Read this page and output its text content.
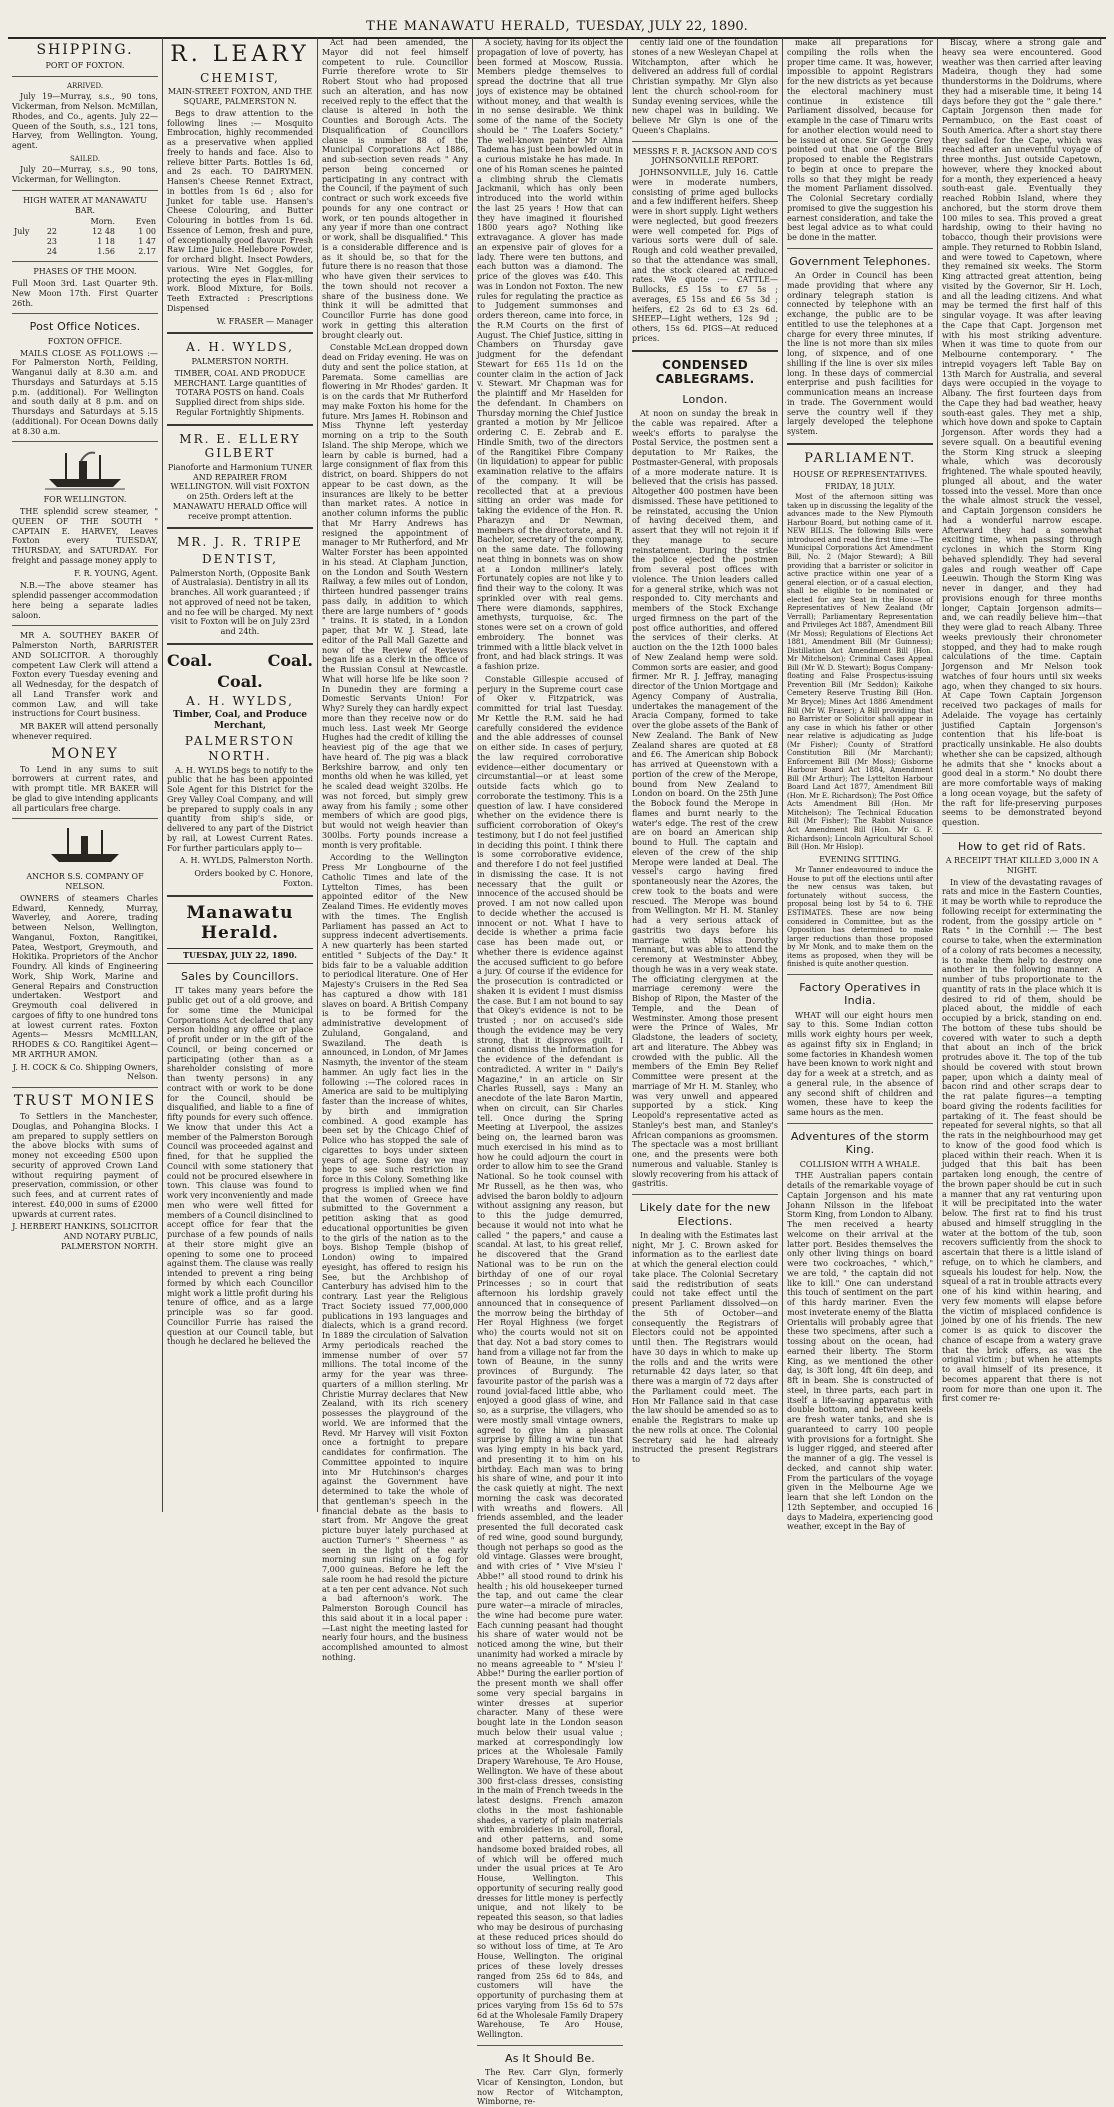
THE MANAWATU HERALD, TUESDAY, JULY 22, 1890.
SHIPPING.
PORT OF FOXTON.
ARRIVED.

July 19—Murray, s.s., 90 tons, Vickerman, from Nelson. McMillan, Rhodes, and Co., agents. July 22—Queen of the South, s.s., 121 tons, Harvey, from Wellington. Young, agent.

SAILED.

July 20—Murray, s.s., 90 tons, Vickerman, for Wellington.

HIGH WATER AT MANAWATU BAR.
		Morn.	Even
July	22	12 48	1 00
	23	1 18	1 47
	24	1.56	2.17
PHASES OF THE MOON.

Full Moon 3rd. Last Quarter 9th. New Moon 17th. First Quarter 26th.

Post Office Notices.
FOXTON OFFICE.

MAILS CLOSE AS FOLLOWS :— For Palmerston North, Feilding, Wanganui daily at 8.30 a.m. and Thursdays and Saturdays at 5.15 p.m. (additional). For Wellington and south daily at 8 p.m. and on Thursdays and Saturdays at 5.15 (additional). For Ocean Downs daily at 8.30 a.m.

FOR WELLINGTON.

THE splendid screw steamer, " QUEEN OF THE SOUTH " CAPTAIN E. HARVEY, Leaves Foxton every TUESDAY, THURSDAY, and SATURDAY. For freight and passage money apply to

F. R. YOUNG, Agent.

N.B.—The above steamer has splendid passenger accommodation here being a separate ladies saloon.

MR A. SOUTHEY BAKER Of Palmerston North, BARRISTER AND SOLICITOR. A thoroughly competent Law Clerk will attend a Foxton every Tuesday evening and all Wednesday, for the despatch of all Land Transfer work and common Law, and will take instructions for Court business.

MR BAKER will attend personally whenever required.

MONEY

To Lend in any sums to suit borrowers at current rates, and with prompt title. MR BAKER will be glad to give intending applicants all particulars free charge.

ANCHOR S.S. COMPANY OF NELSON.

OWNERS of steamers Charles Edward, Kennedy, Murray, Waverley, and Aorere, trading between Nelson, Wellington, Wanganui, Foxton, Rangitikei, Patea, Westport, Greymouth, and Hokitika. Proprietors of the Anchor Foundry. All kinds of Engineering Work, Ship Work, Marine and General Repairs and Construction undertaken. Westport and Greymouth coal delivered in cargoes of fifty to one hundred tons at lowest current rates. Foxton Agents— Messrs McMILLAN, RHODES & CO. Rangitikei Agent— MR ARTHUR AMON.

J. H. COCK & Co. Shipping Owners, Nelson.
TRUST MONIES

To Settlers in the Manchester, Douglas, and Pohangina Blocks. I am prepared to supply settlers on the above blocks with sums of money not exceeding £500 upon security of approved Crown Land without requiring payment of preservation, commission, or other such fees, and at current rates of interest. £40,000 in sums of £2000 upwards at current rates.

J. HERBERT HANKINS, SOLICITOR AND NOTARY PUBLIC, PALMERSTON NORTH.
R. LEARY
CHEMIST,
MAIN-STREET FOXTON, AND THE SQUARE, PALMERSTON N.

Begs to draw attention to the following lines :— Mosquito Embrocation, highly recommended as a preservative when applied freely to hands and face. Also to relieve bitter Parts. Bottles 1s 6d, and 2s each. TO DAIRYMEN. Hansen's Cheese Rennet Extract, in bottles from 1s 6d ; also for Junket for table use. Hansen's Cheese Colouring, and Butter Colouring in bottles from 1s 6d. Essence of Lemon, fresh and pure, of exceptionally good flavour. Fresh Raw Lime Juice. Hellebore Powder, for orchard blight. Insect Powders, various. Wire Net Goggles, for protecting the eyes in Flax-milling work. Blood Mixture, for Boils. Teeth Extracted : Prescriptions Dispensed

W. FRASER — Manager
A. H. WYLDS,
PALMERSTON NORTH.

TIMBER, COAL AND PRODUCE MERCHANT. Large quantities of TOTARA POSTS on hand. Coals Supplied direct from ships side. Regular Fortnightly Shipments.

MR. E. ELLERY GILBERT

Pianoforte and Harmonium TUNER AND REPAIRER FROM WELLINGTON. Will visit FOXTON on 25th. Orders left at the MANAWATU HERALD Office will receive prompt attention.

MR. J. R. TRIPE
DENTIST,

Palmerston North, (Opposite Bank of Australasia). Dentistry in all its branches. All work guaranteed ; if not approved of need not be taken, and no fee will be charged. My next visit to Foxton will be on July 23rd and 24th.

Coal.	Coal.
Coal.
A. H. WYLDS,
Timber, Coal, and Produce Merchant,
PALMERSTON NORTH.

A. H. WYLDS begs to notify to the public that he has been appointed Sole Agent for this District for the Grey Valley Coal Company, and will be prepared to supply coals in any quantity from ship's side, or delivered to any part of the District by rail, at Lowest Current Rates. For further particulars apply to—

A. H. WYLDS, Palmerston North.
Orders booked by C. Honore, Foxton.
Manawatu Herald.
TUESDAY, JULY 22, 1890.
Sales by Councillors.

IT takes many years before the public get out of a old groove, and for some time the Municipal Corporations Act declared that any person holding any office or place of profit under or in the gift of the Council, or being concerned or participating (other than as a shareholder consisting of more than twenty persons) in any contract with or work to be done for the Council, should be disqualified, and liable to a fine of fifty pounds for every such offence. We know that under this Act a member of the Palmerston Borough Council was proceeded against and fined, for that he supplied the Council with some stationery that could not be procured elsewhere in town. This clause was found to work very inconveniently and made men who were well fitted for members of a Council disinclined to accept office for fear that the purchase of a few pounds of nails at their store might give an opening to some one to proceed against them. The clause was really intended to prevent a ring being formed by which each Councillor might work a little profit during his tenure of office, and as a large principle was so far good. Councillor Furrie has raised the question at our Council table, but though he declared he believed the

Act had been amended, the Mayor did not feel himself competent to rule. Councillor Furrie therefore wrote to Sir Robert Stout who had proposed such an alteration, and has now received reply to the effect that the clause is altered in both the Counties and Borough Acts. The Disqualification of Councillors clause is number 88 of the Municipal Corporations Act 1886, and sub-section seven reads " Any person being concerned or participating in any contract with the Council, if the payment of such contract or such work exceeds five pounds for any one contract or work, or ten pounds altogether in any year if more than one contract or work, shall be disqualified." This is a considerable difference and is as it should be, so that for the future there is no reason that those who have given their services to the town should not recover a share of the business done. We think it will be admitted that Councillor Furrie has done good work in getting this alteration brought clearly out.

Constable McLean dropped down dead on Friday evening. He was on duty and sent the police station, at Paremata. Some camellias are flowering in Mr Rhodes' garden. It is on the cards that Mr Rutherford may make Foxton his home for the future. Mrs James H. Robinson and Miss Thynne left yesterday morning on a trip to the South Island. The ship Merope, which we learn by cable is burned, had a large consignment of flax from this district, on board. Shippers do not appear to be cast down, as the insurances are likely to be better than market rates. A notice in another column informs the public that Mr Harry Andrews has resigned the appointment of manager to Mr Rutherford, and Mr Walter Forster has been appointed in his stead. At Clapham Junction, on the London and South Western Railway, a few miles out of London, thirteen hundred passenger trains pass daily, in addition to which there are large numbers of " goods " trains. It is stated, in a London paper, that Mr W. J. Stead, late editor of the Pall Mall Gazette and now of the Review of Reviews began life as a clerk in the office of the Russian Consul at Newcastle. What will horse life be like soon ? In Dunedin they are forming a Domestic Servants Union! For Why? Surely they can hardly expect more than they receive now or do much less. Last week Mr George Hughes had the credit of killing the heaviest pig of the age that we have heard of. The pig was a black Berkshire barrow, and only ten months old when he was killed, yet he scaled dead weight 320lbs. He was not forced, but simply grew away from his family ; some other members of which are good pigs, but would not weigh heavier than 300lbs. Forty pounds increase a month is very profitable.

According to the Wellington Press Mr Longbourne of the Catholic Times and late of the Lyttelton Times, has been appointed editor of the New Zealand Times. He evidently moves with the times. The English Parliament has passed an Act to suppress indecent advertisements. A new quarterly has been started entitled " Subjects of the Day." It bids fair to be a valuable addition to periodical literature. One of Her Majesty's Cruisers in the Red Sea has captured a dhow with 181 slaves on board. A British Company is to be formed for the administrative development of Zululand, Gongaland, and Swaziland. The death is announced, in London, of Mr James Nasmyth, the inventor of the steam hammer. An ugly fact lies in the following :—The colored races in America are said to be multiplying faster than the increase of whites, by birth and immigration combined. A good example has been set by the Chicago Chief of Police who has stopped the sale of cigarettes to boys under sixteen years of age. Some day we may hope to see such restriction in force in this Colony. Something like progress is implied when we find that the women of Greece have submitted to the Government a petition asking that as good educational opportunities be given to the girls of the nation as to the boys. Bishop Temple (bishop of London) owing to impaired eyesight, has offered to resign his See, but the Archbishop of Canterbury has advised him to the contrary. Last year the Religious Tract Society issued 77,000,000 publications in 193 languages and dialects, which is a grand record. In 1889 the circulation of Salvation Army periodicals reached the immense number of over 57 millions. The total income of the army for the year was three-quarters of a million sterling. Mr Christie Murray declares that New Zealand, with its rich scenery possesses the playground of the world. We are informed that the Revd. Mr Harvey will visit Foxton once a fortnight to prepare candidates for confirmation. The Committee appointed to inquire into Mr Hutchinson's charges against the Government have determined to take the whole of that gentleman's speech in the financial debate as the basis to start from. Mr Angove the great picture buyer lately purchased at auction Turner's " Sheerness " as seen in the light of the early morning sun rising on a fog for 7,000 guineas. Before he left the sale room he had resold the picture at a ten per cent advance. Not such a bad afternoon's work. The Palmerston Borough Council has this said about it in a local paper :—Last night the meeting lasted for nearly four hours, and the business accomplished amounted to almost nothing.

A society, having for its object the propagation of love of poverty, has been formed at Moscow, Russia. Members pledge themselves to spread the doctrine that all true joys of existence may be obtained without money, and that wealth is in no sense desirable. We think some of the name of the Society should be " The Loafers Society." The well-known painter Mr Alma Tadema has just been bowled out in a curious mistake he has made. In one of his Roman scenes he painted a climbing shrub the Clematis Jackmanii, which has only been introduced into the world within the last 25 years ! How that can they have imagined it flourished 1800 years ago? Nothing like extravagance. A glover has made an expensive pair of gloves for a lady. There were ten buttons, and each button was a diamond. The price of the gloves was £40. This was in London not Foxton. The new rules for regulating the practice as to Judgement summonses and orders thereon, came into force, in the R.M Courts on the first of August. The Chief Justice, sitting in Chambers on Thursday gave judgment for the defendant Stewart for £65 11s 1d on the counter claim in the action of Jack v. Stewart. Mr Chapman was for the plaintiff and Mr Haselden for the defendant. In Chambers on Thursday morning the Chief Justice granted a motion by Mr Jellicoe ordering C. E. Zebrab and E. Hindle Smith, two of the directors of the Rangitikei Fibre Company (in liquidation) to appear for public examination relative to the affairs of the company. It will be recollected that at a previous sitting an order was made for taking the evidence of the Hon. R. Pharazyn and Dr Newman, members of the directorate, and R. Bachelor, secretary of the company, on the same date. The following neat thing in bonnets was on show at a London milliner's lately. Fortunately copies are not like y to find their way to the colony. It was sprinkled over with real gems. There were diamonds, sapphires, amethysts, turquoise, &c. The stones were set on a crown of gold embroidery. The bonnet was trimmed with a little black velvet in front, and had black strings. It was a fashion prize.

Constable Gillespie accused of perjury in the Supreme court case of Oker v. Fitzpatrick, was committed for trial last Tuesday. Mr Kettle the R.M. said he had carefully considered the evidence and the able addresses of counsel on either side. In cases of perjury, the law required corroborative evidence—either documentary or circumstantial—or at least some outside facts which go to corroborate the testimony. This is a question of law. I have considered whether on the evidence there is sufficient corroboration of Okey's testimony, but I do not feel justified in deciding this point. I think there is some corroborative evidence, and therefore I do not feel justified in dismissing the case. It is not necessary that the guilt or innocence of the accused should be proved. I am not now called upon to decide whether the accused is innocent or not. What I have to decide is whether a prima facie case has been made out, or whether there is evidence against the accused sufficient to go before a jury. Of course if the evidence for the prosecution is contradicted or shaken it is evident I must dismiss the case. But I am not bound to say that Okey's evidence is not to be trusted ; nor on accused's side though the evidence may be very strong, that it disproves guilt. I cannot dismiss the information for the evidence of the defendant is contradicted. A writer in " Daily's Magazine," in an article on Sir Charles Russell, says : Many an anecdote of the late Baron Martin, when on circuit, can Sir Charles tell. Once during the Spring Meeting at Liverpool, the assizes being on, the learned baron was much exercised in his mind as to how he could adjourn the court in order to allow him to see the Grand National. So he took counsel with Mr Russell, as he then was, who advised the baron boldly to adjourn without assigning any reason, but to this the judge demurred, because it would not into what he called " the papers," and cause a scandal. At last, to his great relief, he discovered that the Grand National was to be run on the birthday of one of our royal Princesses ; so in court that afternoon his lordship gravely announced that in consequence of the morrow being the birthday of Her Royal Highness (we forget who) the courts would not sit on that day. Not a bad story comes to hand from a village not far from the town of Beaune, in the sunny provinces of Burgundy. The favourite pastor of the parish was a round jovial-faced little abbe, who enjoyed a good glass of wine, and so, as a surprise, the villagers, who were mostly small vintage owners, agreed to give him a pleasant surprise by filling a wine tun that was lying empty in his back yard, and presenting it to him on his birthday. Each man was to bring his share of wine, and pour it into the cask quietly at night. The next morning the cask was decorated with wreaths and flowers. All friends assembled, and the leader presented the full decorated cask of red wine, good sound burgundy, though not perhaps so good as the old vintage. Glasses were brought, and with cries of " Vive M'sieu l' Abbe!" all stood round to drink his health ; his old housekeeper turned the tap, and out came the clear pure water—a miracle of miracles, the wine had become pure water. Each cunning peasant had thought his share of water would not be noticed among the wine, but their unanimity had worked a miracle by no means agreeable to " M'sieu l' Abbe!" During the earlier portion of the present month we shall offer some very special bargains in winter dresses at superior character. Many of these were bought late in the London season much below their usual value ; marked at correspondingly low prices at the Wholesale Family Drapery Warehouse, Te Aro House, Wellington. We have of these about 300 first-class dresses, consisting in the main of French tweeds in the latest designs. French amazon cloths in the most fashionable shades, a variety of plain materials with embroideries in scroll, floral, and other patterns, and some handsome boxed braided robes, all of which will be offered much under the usual prices at Te Aro House, Wellington. This opportunity of securing really good dresses for little money is perfectly unique, and not likely to be repeated this season, so that ladies who may be desirous of purchasing at these reduced prices should do so without loss of time, at Te Aro House, Wellington. The original prices of these lovely dresses ranged from 25s 6d to 84s, and customers will have the opportunity of purchasing them at prices varying from 15s 6d to 57s 6d at the Wholesale Family Drapery Warehouse, Te Aro House, Wellington.

As It Should Be.

The Rev. Carr Glyn, formerly Vicar of Kensington, London, but now Rector of Witchampton, Wimborne, re-

cently laid one of the foundation stones of a new Wesleyan Chapel at Witchampton, after which he delivered an address full of cordial Christian sympathy. Mr Glyn also lent the church school-room for Sunday evening services, while the new chapel was in building. We believe Mr Glyn is one of the Queen's Chaplains.

MESSRS F. R. JACKSON AND CO'S JOHNSONVILLE REPORT.

JOHNSONVILLE, July 16. Cattle were in moderate numbers, consisting of prime aged bullocks and a few indifferent heifers. Sheep were in short supply. Light wethers were neglected, but good freezers were well competed for. Pigs of various sorts were dull of sale. Rough and cold weather prevailed, so that the attendance was small, and the stock cleared at reduced rates. We quote :— CATTLE—Bullocks, £5 15s to £7 5s ; averages, £5 15s and £6 5s 3d ; heifers, £2 2s 6d to £3 2s 6d. SHEEP—Light wethers, 12s 9d ; others, 15s 6d. PIGS—At reduced prices.

CONDENSED CABLEGRAMS.
London.

At noon on sunday the break in the cable was repaired. After a week's efforts to paralyse the Postal Service, the postmen sent a deputation to Mr Raikes, the Postmaster-General, with proposals of a more moderate nature. It is believed that the crisis has passed. Altogether 400 postmen have been dismissed. These have petitioned to be reinstated, accusing the Union of having deceived them, and assert that they will not rejoin it if they manage to secure reinstatement. During the strike the police ejected the postmen from several post offices with violence. The Union leaders called for a general strike, which was not responded to. City merchants and members of the Stock Exchange urged firmness on the part of the post office authorities, and offered the services of their clerks. At auction on the the 12th 1000 bales of New Zealand hemp were sold. Common sorts are easier, and good firmer. Mr R. J. Jeffray, managing director of the Union Mortgage and Agency Company of Australia, undertakes the management of the Aracia Company, formed to take over the globe assets of the Bank of New Zealand. The Bank of New Zealand shares are quoted at £8 and £6. The American ship Bobock has arrived at Queenstown with a portion of the crew of the Merope, bound from New Zealand to London on board. On the 25th June the Bobock found the Merope in flames and burnt nearly to the water's edge. The rest of the crew are on board an American ship bound to Hull. The captain and eleven of the crew of the ship Merope were landed at Deal. The vessel's cargo having fired spontaneously near the Azores, the crew took to the boats and were rescued. The Merope was bound from Wellington. Mr H. M. Stanley had a very serious attack of gastritis two days before his marriage with Miss Dorothy Tennant, but was able to attend the ceremony at Westminster Abbey, though he was in a very weak state. The officiating clergymen at the marriage ceremony were the Bishop of Ripon, the Master of the Temple, and the Dean of Westminster. Among those present were the Prince of Wales, Mr Gladstone, the leaders of society, art and literature. The Abbey was crowded with the public. All the members of the Emin Bey Relief Committee were present at the marriage of Mr H. M. Stanley, who was very unwell and appeared supported by a stick. King Leopold's representative acted as Stanley's best man, and Stanley's African companions as groomsmen. The spectacle was a most brilliant one, and the presents were both numerous and valuable. Stanley is slowly recovering from his attack of gastritis.

Likely date for the new Elections.

In dealing with the Estimates last night, Mr J. C. Brown asked for information as to the earliest date at which the general election could take place. The Colonial Secretary said the redistribution of seats could not take effect until the present Parliament dissolved—on the 5th of October—and consequently the Registrars of Electors could not be appointed until then. The Registrars would have 30 days in which to make up the rolls and and the writs were returnable 42 days later, so that there was a margin of 72 days after the Parliament could meet. The Hon Mr Fallance said in that case the law should be amended so as to enable the Registrars to make up the new rolls at once. The Colonial Secretary said he had already instructed the present Registrars to

make all preparations for compiling the rolls when the proper time came. It was, however, impossible to appoint Registrars for the new districts as yet because the electoral machinery must continue in existence till Parliament dissolved, because for example in the case of Timaru writs for another election would need to be issued at once. Sir George Grey pointed out that one of the Bills proposed to enable the Registrars to begin at once to prepare the rolls so that they might be ready the moment Parliament dissolved. The Colonial Secretary cordially promised to give the suggestion his earnest consideration, and take the best legal advice as to what could be done in the matter.

Government Telephones.

An Order in Council has been made providing that where any ordinary telegraph station is connected by telephone with an exchange, the public are to be entitled to use the telephones at a charge for every three minutes, if the line is not more than six miles long, of sixpence, and of one shilling if the line is over six miles long. In these days of commercial enterprise and push facilities for communication means an increase in trade. The Government would serve the country well if they largely developed the telephone system.

PARLIAMENT.
HOUSE OF REPRESENTATIVES.
FRIDAY, 18 JULY.

Most of the afternoon sitting was taken up in discussing the legality of the advances made to the New Plymouth Harbour Board, but nothing came of it. NEW BILLS. The following Bills were introduced and read the first time :—The Municipal Corporations Act Amendment Bill, No. 2 (Major Steward); A Bill providing that a barrister or solicitor in active practice within one year of a general election, or of a casual election, shall be eligible to be nominated or elected for any Seat in the House of Representatives of New Zealand (Mr Verrall); Parliamentary Representation and Privileges Act 1887, Amendment Bill (Mr Moss); Regulations of Elections Act 1881, Amendment Bill (Mr Guinness); Distillation Act Amendment Bill (Hon. Mr Mitchelson); Criminal Cases Appeal Bill (Mr W. D. Stewart); Bogus Company-floating and False Prospectus-issuing Prevention Bill (Mr Seddon); Kaikohe Cemetery Reserve Trusting Bill (Hon. Mr Bryce); Mines Act 1886 Amendment Bill (Mr W. Fraser); A Bill providing that no Barrister or Solicitor shall appear in any case in which his father or other near relative is adjudicating as Judge (Mr Fisher); County of Stratford Constitution Bill (Mr Marchant); Enforcement Bill (Mr Moss); Gisborne Harbour Board Act 1884, Amendment Bill (Mr Arthur); The Lyttelton Harbour Board Land Act 1877, Amendment Bill (Hon. Mr E. Richardson); The Post Office Acts Amendment Bill (Hon. Mr Mitchelson); The Technical Education Bill (Mr Fisher); The Rabbit Nuisance Act Amendment Bill (Hon. Mr G. F. Richardson); Lincoln Agricultural School Bill (Hon. Mr Hislop).

EVENING SITTING.

Mr Tanner endeavoured to induce the House to put off the elections until after the new census was taken, but fortunately without success, the proposal being lost by 54 to 6. THE ESTIMATES. These are now being considered in Committee, but as the Opposition has determined to make larger reductions than those proposed by Mr Monk, and to make them on the items as proposed, when they will be finished is quite another question.

Factory Operatives in India.

WHAT will our eight hours men say to this. Some Indian cotton mills work eighty hours per week, as against fifty six in England; in some factories in Khandesh women have been known to work night and day for a week at a stretch, and as a general rule, in the absence of any second shift of children and women, these have to keep the same hours as the men.

Adventures of the storm King.
COLLISION WITH A WHALE.

THE Australian papers contain details of the remarkable voyage of Captain Jorgenson and his mate Johann Nilsson in the lifeboat Storm King, from London to Albany. The men received a hearty welcome on their arrival at the latter port. Besides themselves the only other living things on board were two cockroaches, " which," we are told, " the captain did not like to kill." One can understand this touch of sentiment on the part of this hardy mariner. Even the most inveterate enemy of the Blatta Orientalis will probably agree that these two specimens, after such a tossing about on the ocean, had earned their liberty. The Storm King, as we mentioned the other day, is 30ft long, 4ft 6in deep, and 8ft in beam. She is constructed of steel, in three parts, each part in itself a life-saving apparatus with double bottom, and between keels are fresh water tanks, and she is guaranteed to carry 100 people with provisions for a fortnight. She is lugger rigged, and steered after the manner of a gig. The vessel is decked, and cannot ship water. From the particulars of the voyage given in the Melbourne Age we learn that she left London on the 12th September, and occupied 16 days to Madeira, experiencing good weather, except in the Bay of

Biscay, where a strong gale and heavy sea were encountered. Good weather was then carried after leaving Madeira, though they had some thunderstorms in the Doldrums, where they had a miserable time, it being 14 days before they got the " gale there." Captain Jorgenson then made for Pernambuco, on the East coast of South America. After a short stay there they sailed for the Cape, which was reached after an uneventful voyage of three months. Just outside Capetown, however, where they knocked about for a month, they experienced a heavy south-east gale. Eventually they reached Robbin Island, where they anchored, but the storm drove them 100 miles to sea. This proved a great hardship, owing to their having no tobacco, though their provisions were ample. They returned to Robbin Island, and were towed to Capetown, where they remained six weeks. The Storm King attracted great attention, being visited by the Governor, Sir H. Loch, and all the leading citizens. And what may be termed the first half of this singular voyage. It was after leaving the Cape that Capt. Jorgenson met with his most striking adventure. When it was time to quote from our Melbourne contemporary. " The intrepid voyagers left Table Bay on 13th March for Australia, and several days were occupied in the voyage to Albany. The first fourteen days from the Cape they had bad weather, heavy south-east gales. They met a ship, which hove down and spoke to Captain Jorgenson. After words they had a severe squall. On a beautiful evening the Storm King struck a sleeping whale, which was decorously frightened. The whale spouted heavily, plunged all about, and the water tossed into the vessel. More than once the whale almost struck the vessel, and Captain Jorgenson considers he had a wonderful narrow escape. Afterward they had a somewhat exciting time, when passing through cyclones in which the Storm King behaved splendidly. They had several gales and rough weather off Cape Leeuwin. Though the Storm King was never in danger, and they had provisions enough for three months longer, Captain Jorgenson admits—and, we can readily believe him—that they were glad to reach Albany. Three weeks previously their chronometer stopped, and they had to make rough calculations of the time. Captain Jorgenson and Mr Nelson took watches of four hours until six weeks ago, when they changed to six hours. At Cape Town Captain Jorgenson received two packages of mails for Adelaide. The voyage has certainly justified Captain Jorgenson's contention that his life-boat is practically unsinkable. He also doubts whether she can be capsized, although he admits that she " knocks about a good deal in a storm." No doubt there are more comfortable ways of making a long ocean voyage, but the safety of the raft for life-preserving purposes seems to be demonstrated beyond question.

How to get rid of Rats.
A RECEIPT THAT KILLED 3,000 IN A NIGHT.

In view of the devastating ravages of rats and mice in the Eastern Counties, it may be worth while to reproduce the following receipt for exterminating the rodent, from the gossipy article on " Rats " in the Cornhill :— The best course to take, when the extermination of a colony of rats becomes a necessity, is to make them help to destroy one another in the following manner. A number of tubs proportionate to the quantity of rats in the place which it is desired to rid of them, should be placed about, the middle of each occupied by a brick, standing on end. The bottom of these tubs should be covered with water to such a depth that about an inch of the brick protrudes above it. The top of the tub should be covered with stout brown paper, upon which a dainty meal of bacon rind and other scraps dear to the rat palate figures—a tempting board giving the rodents facilities for partaking of it. The feast should be repeated for several nights, so that all the rats in the neighbourhood may get to know of the good food which is placed within their reach. When it is judged that this bait has been partaken long enough, the centre of the brown paper should be cut in such a manner that any rat venturing upon it will be precipitated into the water below. The first rat to find his trust abused and himself struggling in the water at the bottom of the tub, soon recovers sufficiently from the shock to ascertain that there is a little island of refuge, on to which he clambers, and squeals his loudest for help. Now, the squeal of a rat in trouble attracts every one of his kind within hearing, and very few moments will elapse before the victim of misplaced confidence is joined by one of his friends. The new comer is as quick to discover the chance of escape from a watery grave that the brick offers, as was the original victim ; but when he attempts to avail himself of its presence, it becomes apparent that there is not room for more than one upon it. The first comer re-
